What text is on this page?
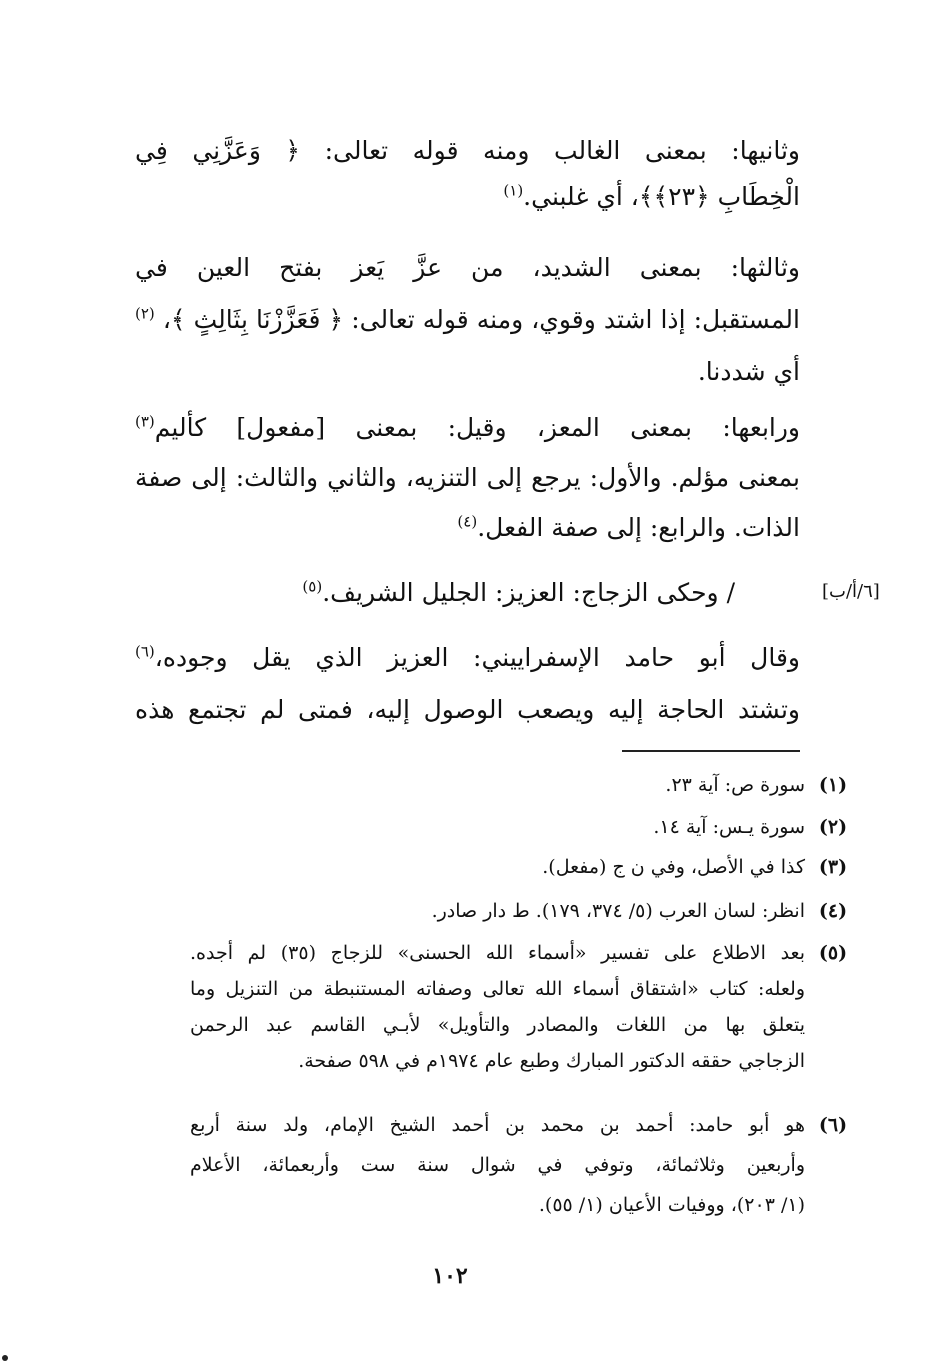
وثانيها: بمعنى الغالب ومنه قوله تعالى: ﴿ وَعَزَّنِي فِي
الْخِطَابِ ﴿٢٣﴾﴾، أي غلبني.$^{(١)}$
وثالثها: بمعنى الشديد، من عزَّ يَعز بفتح العين في
المستقبل: إذا اشتد وقوي، ومنه قوله تعالى: ﴿ فَعَزَّزْنَا بِثَالِثٍ ﴾، $^{(٢)}$
أي شددنا.
ورابعها: بمعنى المعز، وقيل: بمعنى [مفعول] كأليم$^{(٣)}$
بمعنى مؤلم. والأول: يرجع إلى التنزيه، والثاني والثالث: إلى صفة
الذات. والرابع: إلى صفة الفعل.$^{(٤)}$
/ وحكى الزجاج: العزيز: الجليل الشريف.$^{(٥)}$	[٦/أ/ب]
وقال أبو حامد الإسفراييني: العزيز الذي يقل وجوده،$^{(٦)}$
وتشتد الحاجة إليه ويصعب الوصول إليه، فمتى لم تجتمع هذه
(١)
سورة ص: آية ٢٣.
(٢)
سورة يـس: آية ١٤.
(٣)
كذا في الأصل، وفي ن ج (مفعل).
(٤)
انظر: لسان العرب (٥/ ٣٧٤، ١٧٩). ط دار صادر.
(٥)
بعد الاطلاع على تفسير «أسماء الله الحسنى» للزجاج (٣٥) لم أجده.
ولعله: كتاب «اشتقاق أسماء الله تعالى وصفاته المستنبطة من التنزيل وما
يتعلق بها من اللغات والمصادر والتأويل» لأبـي القاسم عبد الرحمن
الزجاجي حققه الدكتور المبارك وطبع عام ١٩٧٤م في ٥٩٨ صفحة.
(٦)
هو أبو حامد: أحمد بن محمد بن أحمد الشيخ الإمام، ولد سنة أربع
وأربعين وثلاثمائة، وتوفي في شوال سنة ست وأربعمائة، الأعلام
(١/ ٢٠٣)، ووفيات الأعيان (١/ ٥٥).
١٠٢
